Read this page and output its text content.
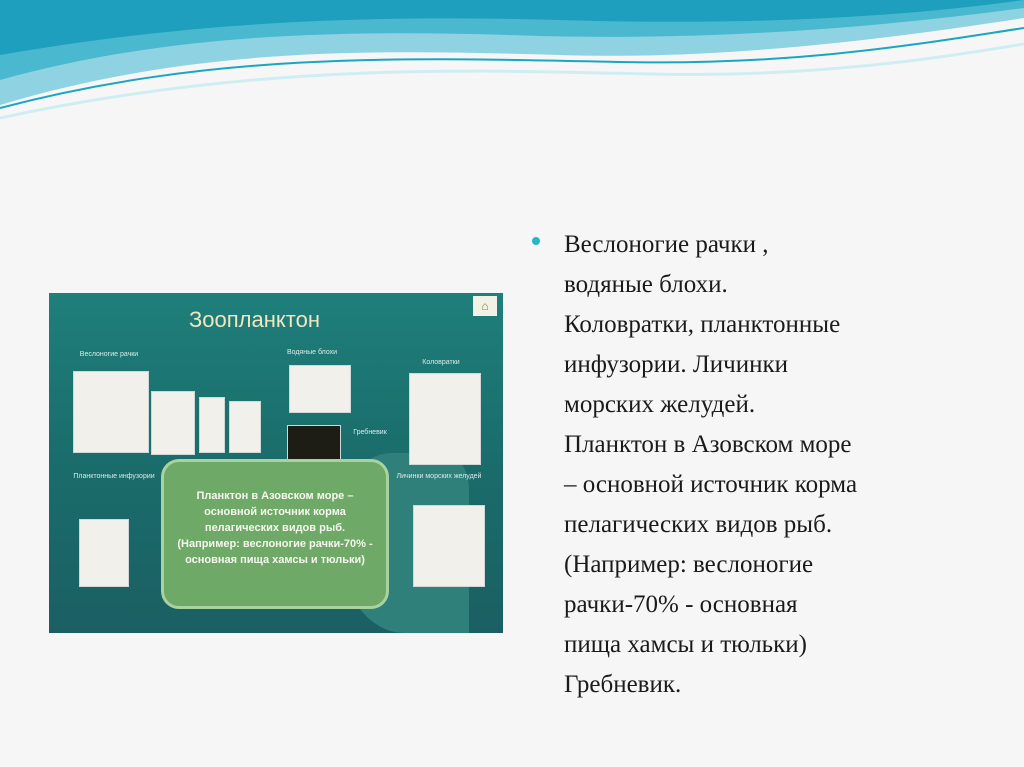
Зоопланктон
⌂
Веслоногие рачки	Водяные блохи
Коловратки
Гребневик
Планктонные инфузории	Личинки морских желудей
Планктон в Азовском море – основной источник корма пелагических видов рыб. (Например: веслоногие рачки-70% - основная пища хамсы и тюльки)
Веслоногие рачки ,
водяные блохи.
Коловратки, планктонные
инфузории. Личинки
морских желудей.
Планктон в Азовском море
– основной источник корма
пелагических видов рыб.
(Например: веслоногие
рачки-70% - основная
пища хамсы и тюльки)
Гребневик.
